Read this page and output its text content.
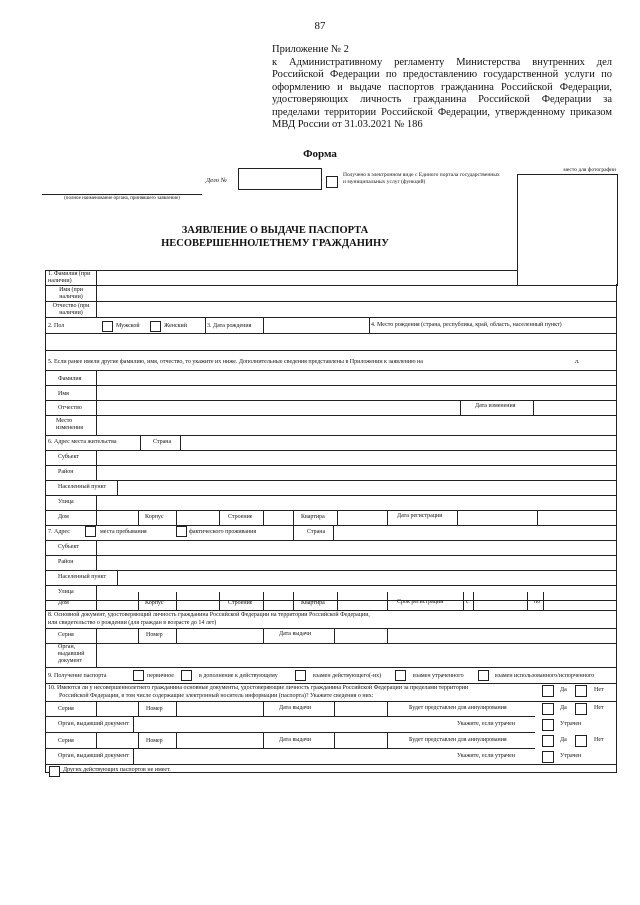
87
Приложение № 2
к Административному регламенту Министерства внутренних дел Российской Федерации по предоставлению государственной услуги по оформлению и выдаче паспортов гражданина Российской Федерации, удостоверяющих личность гражданина Российской Федерации за пределами территории Российской Федерации, утвержденному приказом МВД России от 31.03.2021 № 186
Форма
(полное наименование органа, принявшего заявление)
Дело №
Получено в электронном виде с Единого портала государственных и муниципальных услуг (функций)
место для фотографии
ЗАЯВЛЕНИЕ О ВЫДАЧЕ ПАСПОРТА
НЕСОВЕРШЕННОЛЕТНЕМУ ГРАЖДАНИНУ
1. Фамилия (при наличии)
Имя (при наличии)
Отчество (при наличии)
2. Пол	Мужской	Женский	3. Дата рождения	4. Место рождения (страна, республика, край, область, населенный пункт)
5. Если ранее имели другие фамилию, имя, отчество, то укажите их ниже. Дополнительные сведения представлены в Приложении к заявлению на	л.
Фамилия
Имя
Отчество	Дата изменения
Место изменения
6. Адрес места жительства	Страна
Субъект
Район
Населенный пункт
Улица
Дом	Корпус	Строение	Квартира	Дата регистрации
7. Адрес	места пребывания	фактического проживания	Страна
Субъект
Район
Населенный пункт
Улица
Дом	Корпус	Строение	Квартира	Срок регистрации	с	по
8. Основной документ, удостоверяющий личность гражданина Российской Федерации на территории Российской Федерации,
или свидетельство о рождении (для граждан в возрасте до 14 лет)
Серия	Номер	Дата выдачи
Орган, выдавший документ
9. Получение паспорта	первичное	в дополнение к действующему	взамен действующего(-их)	взамен утраченного	взамен использованного/испорченного
10. Имеются ли у несовершеннолетнего гражданина основные документы, удостоверяющие личность гражданина Российской Федерации за пределами территории
Российской Федерации, в том числе содержащие электронный носитель информации (паспорта)? Укажите сведения о них:
Да	Нет
Серия	Номер	Дата выдачи	Будет представлен для аннулирования	Да	Нет
Орган, выдавший документ	Укажите, если утрачен	Утрачен
Серия	Номер	Дата выдачи	Будет представлен для аннулирования	Да	Нет
Орган, выдавший документ	Укажите, если утрачен	Утрачен
Других действующих паспортов не имеет.
